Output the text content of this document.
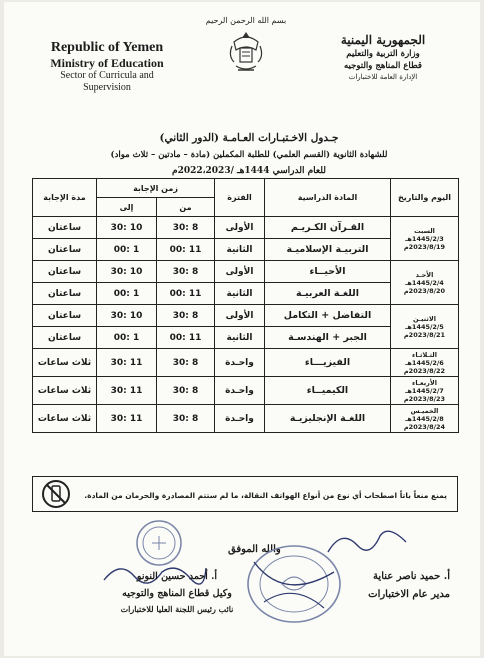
بسم الله الرحمن الرحيم
Republic of Yemen
Ministry of Education
Sector of Curricula and
Supervision
الجمهورية اليمنية
وزارة التربية والتعليم
قطاع المناهج والتوجيه
الإدارة العامة للاختبارات
جـدول الاخـتبـارات العـامـة (الدور الثاني)
للشهادة الثانوية (القسم العلمي) للطلبة المكملين (مادة – مادتين – ثلاث مواد)
للعام الدراسي 1444هـ /2022،2023م
اليوم والتاريخ	المادة الدراسية	الفترة	زمن الإجابة		مدة الإجابة
			من	إلى	

السبت
1445/2/3هـ
2023/8/19م	القـرآن الكـريـم	الأولى	8 :30	10 :30	ساعتان
	التربيـة الإسلاميـة	الثانية	11 :00	1 :00	ساعتان

الأحـد
1445/2/4هـ
2023/8/20م	الأحيــاء	الأولى	8 :30	10 :30	ساعتان
	اللغـة العربيـة	الثانية	11 :00	1 :00	ساعتان

الاثنيـن
1445/2/5هـ
2023/8/21م	التفاضل + التكامل	الأولى	8 :30	10 :30	ساعتان
	الجبر + الهندسـة	الثانية	11 :00	1 :00	ساعتان

الثـلاثـاء
1445/2/6هـ
2023/8/22م	الفيزيـــاء	واحـدة	8 :30	11 :30	ثلاث ساعات

الأربعـاء
1445/2/7هـ
2023/8/23م	الكيميــاء	واحـدة	8 :30	11 :30	ثلاث ساعات

الخميـس
1445/2/8هـ
2023/8/24م	اللغـة الإنجليزيـة	واحـدة	8 :30	11 :30	ثلاث ساعات
يمنع منعاً باتاً اصطحاب أي نوع من أنواع الهواتف النقالة، ما لم ستتم المصادرة والحرمان من المادة.
والله الموفق
أ. حميد ناصر عناية
مدير عام الاختبارات
أ. أحمد حسين النونو
وكيل قطاع المناهج والتوجيه
نائب رئيس اللجنة العليا للاختبارات
